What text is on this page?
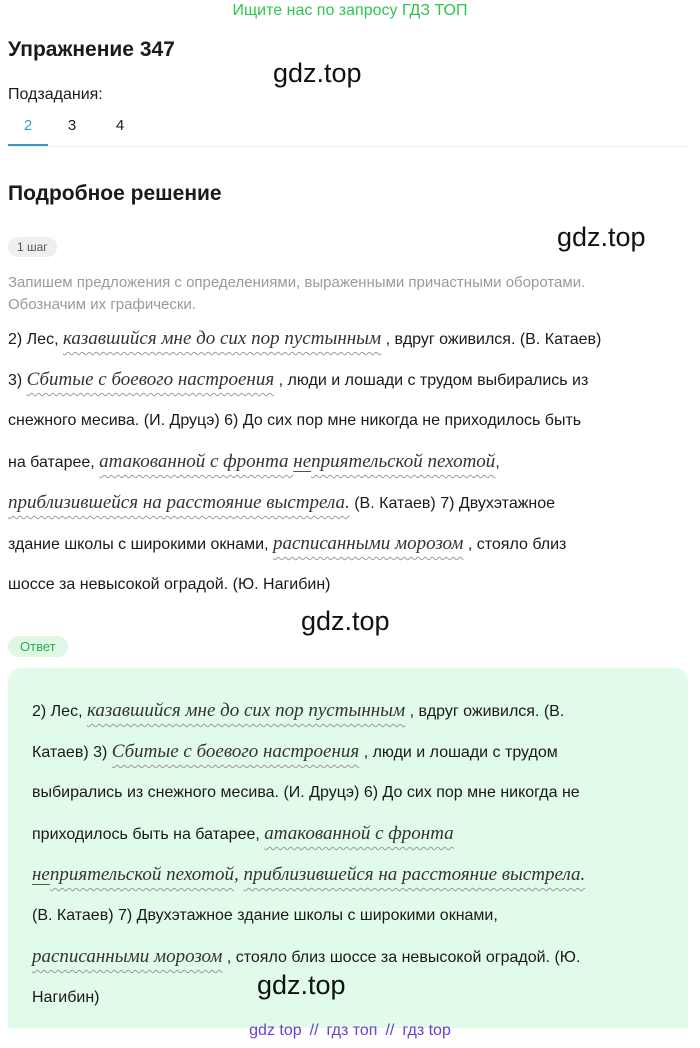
Ищите нас по запросу ГДЗ ТОП
Упражнение 347
gdz.top
Подзадания:
2	3	4
Подробное решение
gdz.top
1 шаг
Запишем предложения с определениями, выраженными причастными оборотами.
Обозначим их графически.
2) Лес, казавшийся мне до сих пор пустынным , вдруг оживился. (В. Катаев)
3) Сбитые с боевого настроения , люди и лошади с трудом выбирались из
снежного месива. (И. Друцэ) 6) До сих пор мне никогда не приходилось быть
на батарее, атакованной с фронта неприятельской пехотой,
приблизившейся на расстояние выстрела. (В. Катаев) 7) Двухэтажное
здание школы с широкими окнами, расписанными морозом , стояло близ
шоссе за невысокой оградой. (Ю. Нагибин)
gdz.top
Ответ
2) Лес, казавшийся мне до сих пор пустынным , вдруг оживился. (В.
Катаев) 3) Сбитые с боевого настроения , люди и лошади с трудом
выбирались из снежного месива. (И. Друцэ) 6) До сих пор мне никогда не
приходилось быть на батарее, атакованной с фронта
неприятельской пехотой, приблизившейся на расстояние выстрела.
(В. Катаев) 7) Двухэтажное здание школы с широкими окнами,
расписанными морозом , стояло близ шоссе за невысокой оградой. (Ю.
Нагибин)	gdz.top
gdz top // гдз топ // гдз top
